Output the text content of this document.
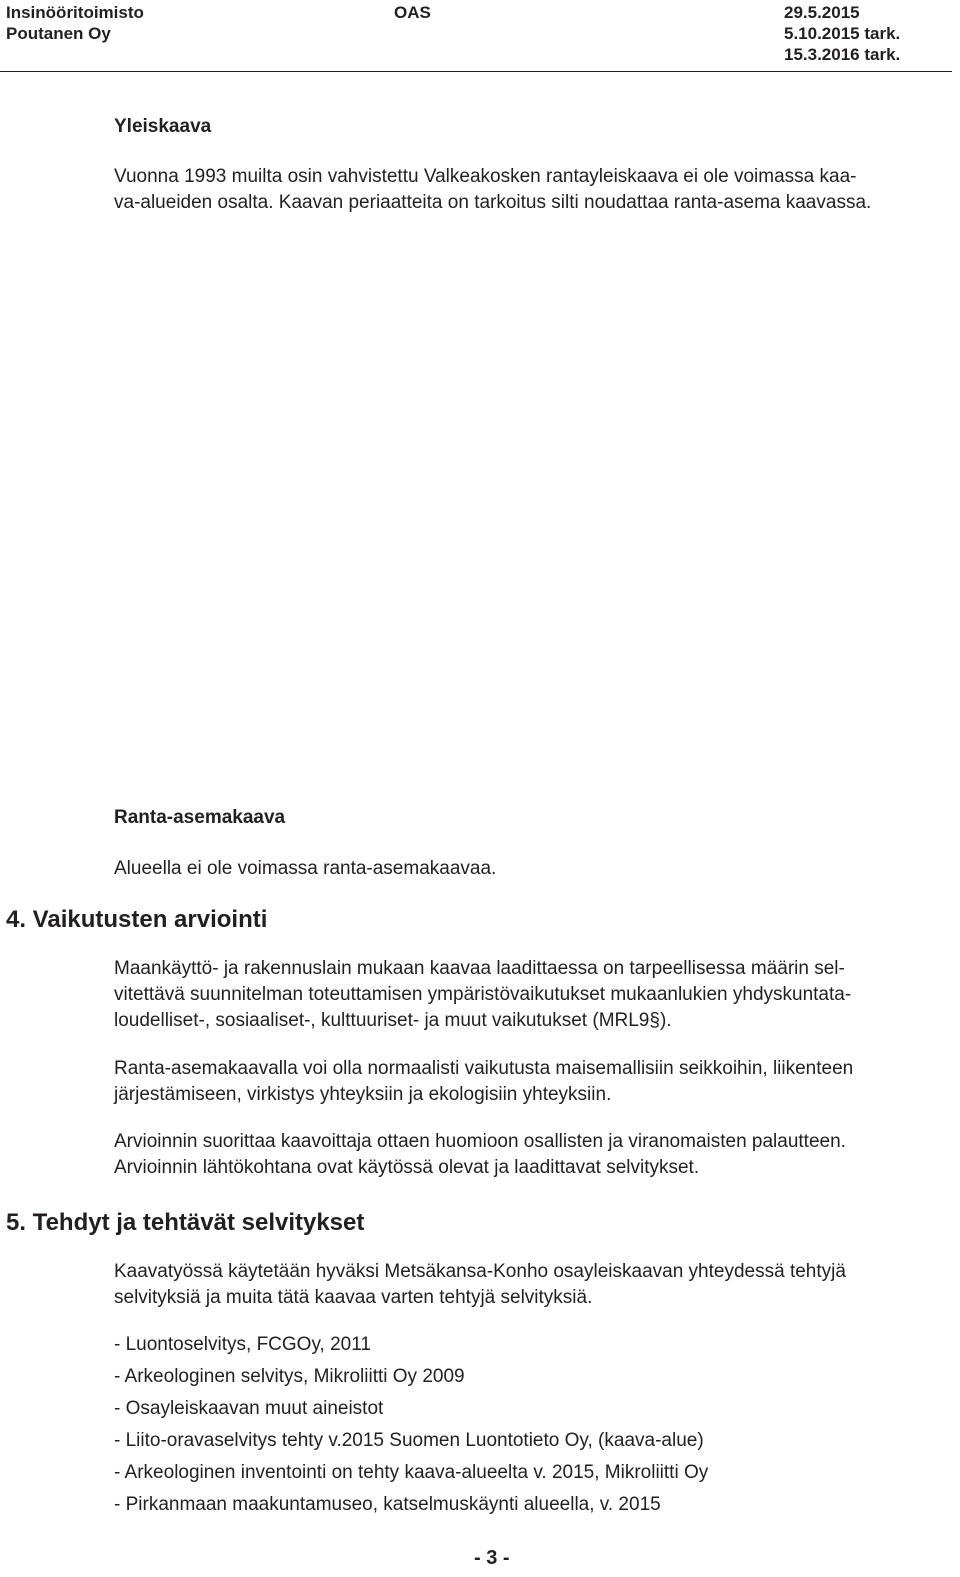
Insinööritoimisto
Poutanen Oy
OAS	29.5.2015
5.10.2015 tark.
15.3.2016 tark.
Yleiskaava
Vuonna 1993 muilta osin vahvistettu Valkeakosken rantayleiskaava ei ole voimassa kaa-
va-alueiden osalta. Kaavan periaatteita on tarkoitus silti noudattaa ranta-asema kaavassa.
Ranta-asemakaava
Alueella ei ole voimassa ranta-asemakaavaa.
4. Vaikutusten arviointi
Maankäyttö- ja rakennuslain mukaan kaavaa laadittaessa on tarpeellisessa määrin sel-
vitettävä suunnitelman toteuttamisen ympäristövaikutukset mukaanlukien yhdyskuntata-
loudelliset-, sosiaaliset-, kulttuuriset- ja muut vaikutukset (MRL9§).
Ranta-asemakaavalla voi olla normaalisti vaikutusta maisemallisiin seikkoihin, liikenteen
järjestämiseen, virkistys yhteyksiin ja ekologisiin yhteyksiin.
Arvioinnin suorittaa kaavoittaja ottaen huomioon osallisten ja viranomaisten palautteen.
Arvioinnin lähtökohtana ovat käytössä olevat ja laadittavat selvitykset.
5. Tehdyt ja tehtävät selvitykset
Kaavatyössä käytetään hyväksi Metsäkansa-Konho osayleiskaavan yhteydessä tehtyjä
selvityksiä ja muita tätä kaavaa varten tehtyjä selvityksiä.
- Luontoselvitys, FCGOy, 2011
- Arkeologinen selvitys, Mikroliitti Oy 2009
- Osayleiskaavan muut aineistot
- Liito-oravaselvitys tehty v.2015 Suomen Luontotieto Oy, (kaava-alue)
- Arkeologinen inventointi on tehty kaava-alueelta v. 2015, Mikroliitti Oy
- Pirkanmaan maakuntamuseo, katselmuskäynti alueella, v. 2015
- 3 -
